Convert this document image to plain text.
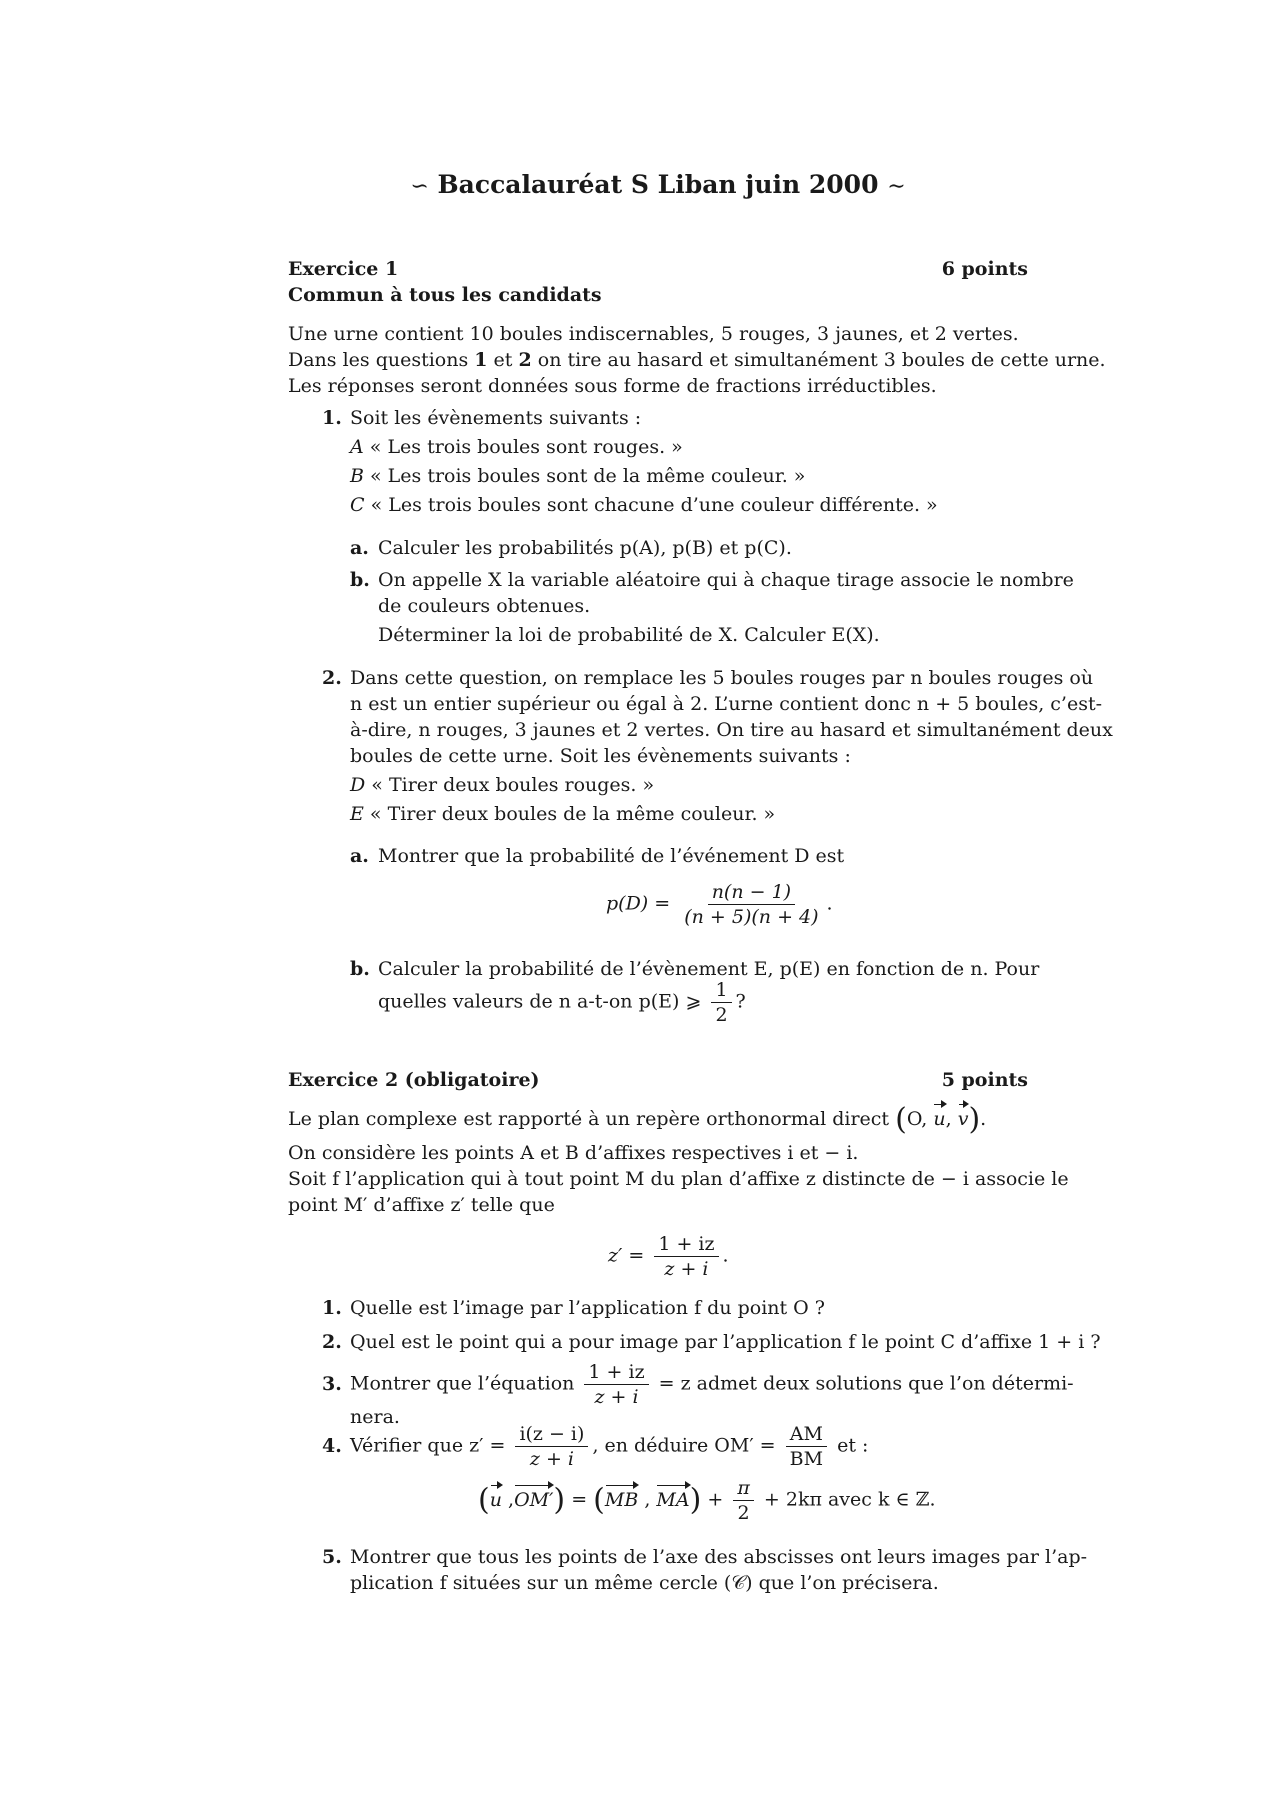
∽ Baccalauréat S Liban juin 2000 ∼
Exercice 1	6 points
Commun à tous les candidats
Une urne contient 10 boules indiscernables, 5 rouges, 3 jaunes, et 2 vertes.
Dans les questions 1 et 2 on tire au hasard et simultanément 3 boules de cette urne.
Les réponses seront données sous forme de fractions irréductibles.
1. Soit les évènements suivants :
A « Les trois boules sont rouges. »
B « Les trois boules sont de la même couleur. »
C « Les trois boules sont chacune d’une couleur différente. »
a. Calculer les probabilités p(A), p(B) et p(C).
b. On appelle X la variable aléatoire qui à chaque tirage associe le nombre
de couleurs obtenues.
Déterminer la loi de probabilité de X. Calculer E(X).
2. Dans cette question, on remplace les 5 boules rouges par n boules rouges où
n est un entier supérieur ou égal à 2. L’urne contient donc n + 5 boules, c’est-
à-dire, n rouges, 3 jaunes et 2 vertes. On tire au hasard et simultanément deux
boules de cette urne. Soit les évènements suivants :
D « Tirer deux boules rouges. »
E « Tirer deux boules de la même couleur. »
a. Montrer que la probabilité de l’événement D est
$p(D) = \frac{n(n - 1)}{(n + 5)(n + 4)}$ .
b. Calculer la probabilité de l’évènement E, p(E) en fonction de n. Pour
quelles valeurs de n a-t-on p(E) ⩾ $\frac{1}{2}$ ?
Exercice 2 (obligatoire)	5 points
Le plan complexe est rapporté à un repère orthonormal direct (O, u, v).
On considère les points A et B d’affixes respectives i et − i.
Soit f l’application qui à tout point M du plan d’affixe z distincte de − i associe le
point M′ d’affixe z′ telle que
$z' = \frac{1 + iz}{z + i}$ .
1. Quelle est l’image par l’application f du point O ?
2. Quel est le point qui a pour image par l’application f le point C d’affixe 1 + i ?
3. Montrer que l’équation $\frac{1 + iz}{z + i} = z$ admet deux solutions que l’on détermi-
nera.
4. Vérifier que $z' = \frac{i(z - i)}{z + i}$ , en déduire $OM' = \frac{AM}{BM}$ et :
(u ,OM′) = (MB , $MA) + \frac{\pi}{2} + 2k\pi$ avec k ∈ ℤ.
5. Montrer que tous les points de l’axe des abscisses ont leurs images par l’ap-
plication f situées sur un même cercle (𝒞) que l’on précisera.
